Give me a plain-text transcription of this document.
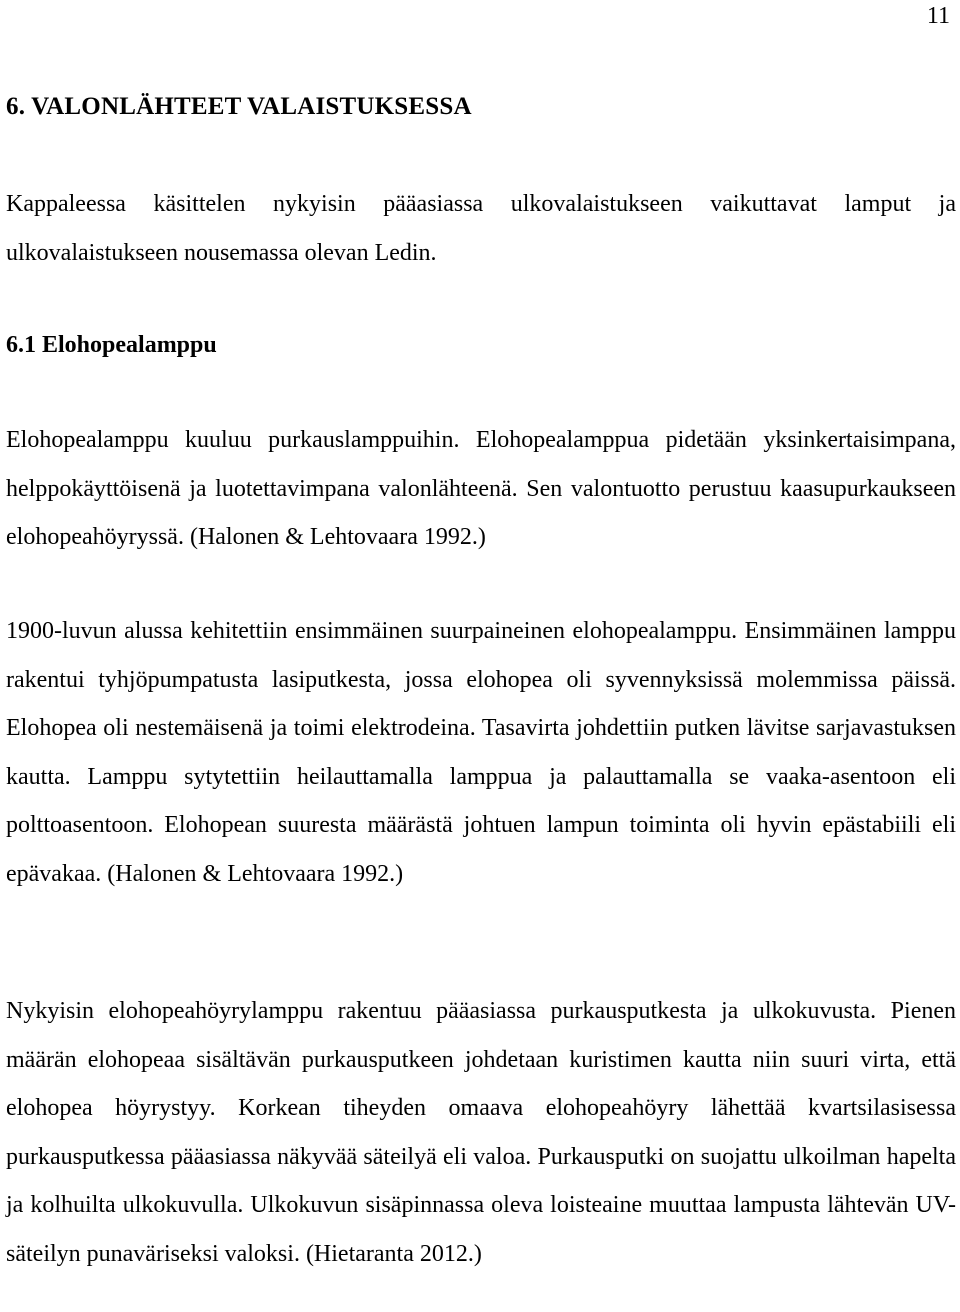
11
6. VALONLÄHTEET VALAISTUKSESSA

Kappaleessa käsittelen nykyisin pääasiassa ulkovalaistukseen vaikuttavat lamput ja ulkovalaistukseen nousemassa olevan Ledin.

6.1 Elohopealamppu

Elohopealamppu kuuluu purkauslamppuihin. Elohopealamppua pidetään yksinkertaisimpana, helppokäyttöisenä ja luotettavimpana valonlähteenä. Sen valontuotto perustuu kaasupurkaukseen elohopeahöyryssä. (Halonen & Lehtovaara 1992.)

1900-luvun alussa kehitettiin ensimmäinen suurpaineinen elohopealamppu. Ensimmäinen lamppu rakentui tyhjöpumpatusta lasiputkesta, jossa elohopea oli syvennyksissä molemmissa päissä. Elohopea oli nestemäisenä ja toimi elektrodeina. Tasavirta johdettiin putken lävitse sarjavastuksen kautta. Lamppu sytytettiin heilauttamalla lamppua ja palauttamalla se vaaka-asentoon eli polttoasentoon. Elohopean suuresta määrästä johtuen lampun toiminta oli hyvin epästabiili eli epävakaa. (Halonen & Lehtovaara 1992.)

Nykyisin elohopeahöyrylamppu rakentuu pääasiassa purkausputkesta ja ulkokuvusta. Pienen määrän elohopeaa sisältävän purkausputkeen johdetaan kuristimen kautta niin suuri virta, että elohopea höyrystyy. Korkean tiheyden omaava elohopeahöyry lähettää kvartsilasisessa purkausputkessa pääasiassa näkyvää säteilyä eli valoa. Purkausputki on suojattu ulkoilman hapelta ja kolhuilta ulkokuvulla. Ulkokuvun sisäpinnassa oleva loisteaine muuttaa lampusta lähtevän UV-säteilyn punaväriseksi valoksi. (Hietaranta 2012.)
